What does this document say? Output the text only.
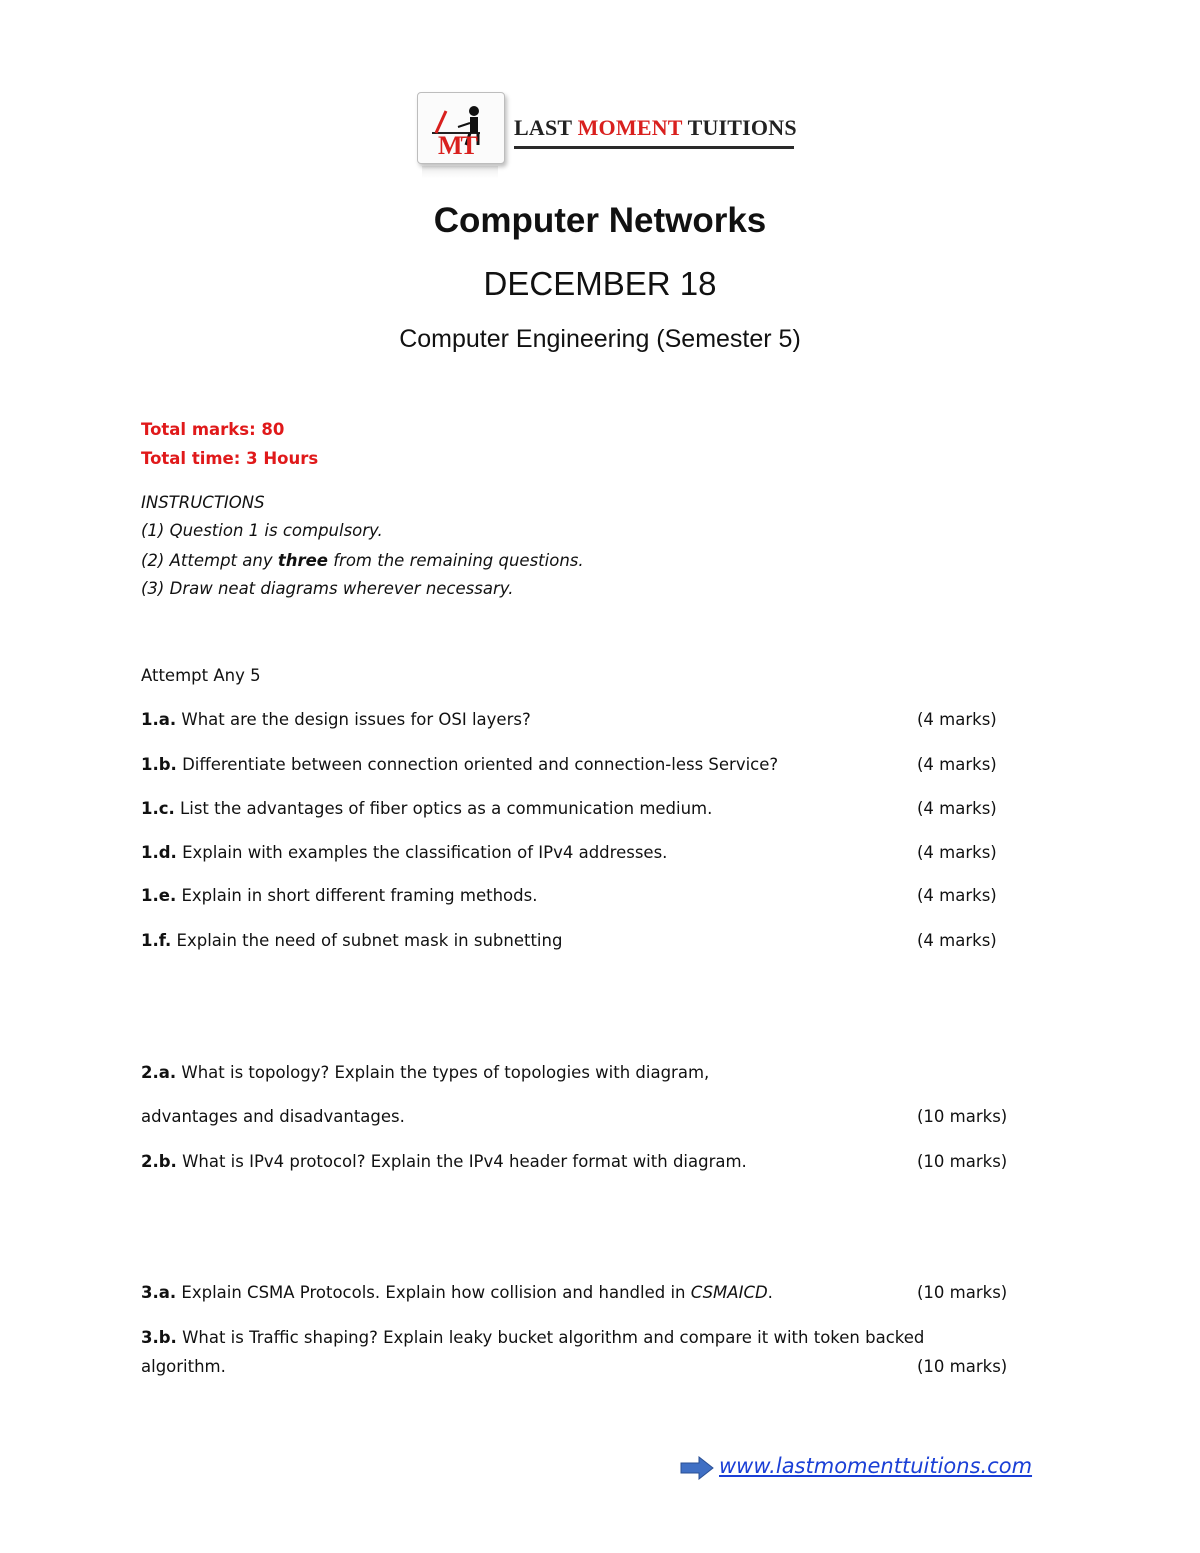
MT
LAST MOMENT TUITIONS
Computer Networks
DECEMBER 18
Computer Engineering (Semester 5)
Total marks: 80
Total time: 3 Hours
INSTRUCTIONS
(1) Question 1 is compulsory.
(2) Attempt any three from the remaining questions.
(3) Draw neat diagrams wherever necessary.
Attempt Any 5
1.a. What are the design issues for OSI layers?	(4 marks)
1.b. Differentiate between connection oriented and connection-less Service?	(4 marks)
1.c. List the advantages of fiber optics as a communication medium.	(4 marks)
1.d. Explain with examples the classification of IPv4 addresses.	(4 marks)
1.e. Explain in short different framing methods.	(4 marks)
1.f. Explain the need of subnet mask in subnetting	(4 marks)
2.a. What is topology? Explain the types of topologies with diagram,
advantages and disadvantages.	(10 marks)
2.b. What is IPv4 protocol? Explain the IPv4 header format with diagram.	(10 marks)
3.a. Explain CSMA Protocols. Explain how collision and handled in CSMAICD.	(10 marks)
3.b. What is Traffic shaping? Explain leaky bucket algorithm and compare it with token backed
algorithm.	(10 marks)
www.lastmomenttuitions.com
